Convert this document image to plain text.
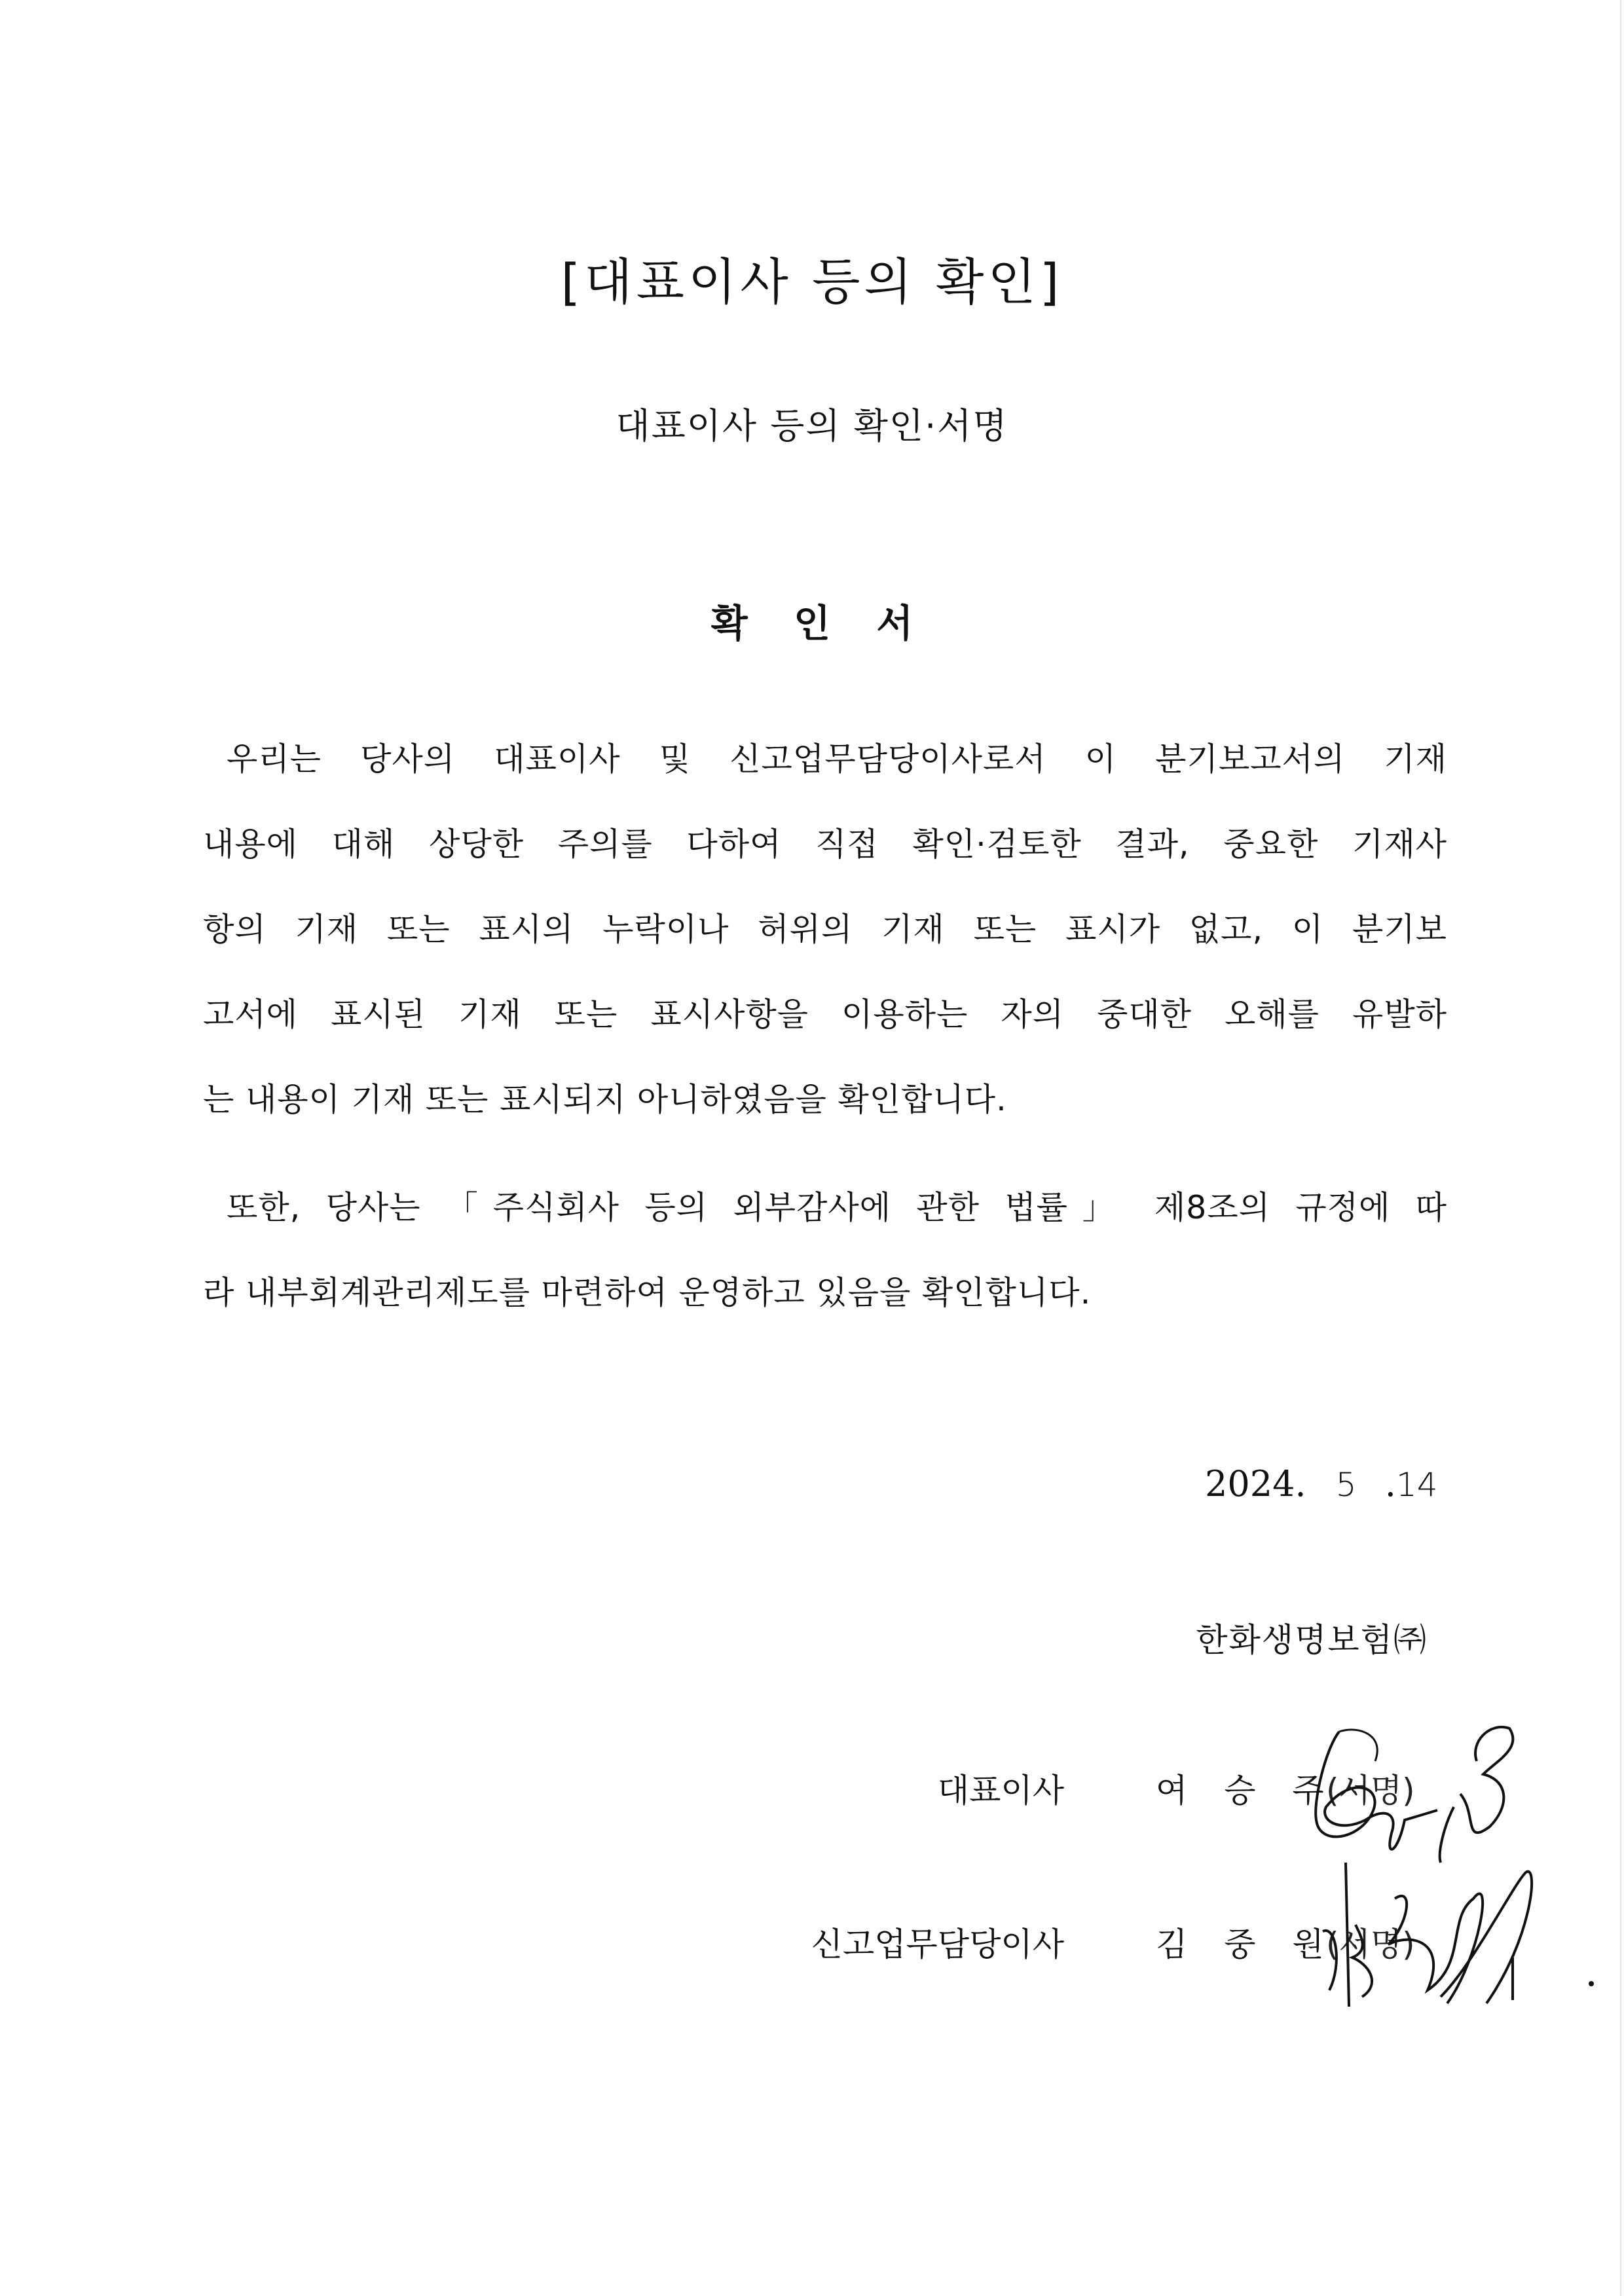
[대표이사 등의 확인]
대표이사 등의 확인·서명
확 인 서
우리는 당사의 대표이사 및 신고업무담당이사로서 이 분기보고서의 기재
내용에 대해 상당한 주의를 다하여 직접 확인·검토한 결과, 중요한 기재사
항의 기재 또는 표시의 누락이나 허위의 기재 또는 표시가 없고, 이 분기보
고서에 표시된 기재 또는 표시사항을 이용하는 자의 중대한 오해를 유발하
는 내용이 기재 또는 표시되지 아니하였음을 확인합니다.
또한, 당사는 「주식회사 등의 외부감사에 관한 법률」 제8조의 규정에 따
라 내부회계관리제도를 마련하여 운영하고 있음을 확인합니다.
2024. 5 .14
한화생명보험㈜
대표이사	여 승 주
(서명)
신고업무담당이사	김 중 원
(서명)
